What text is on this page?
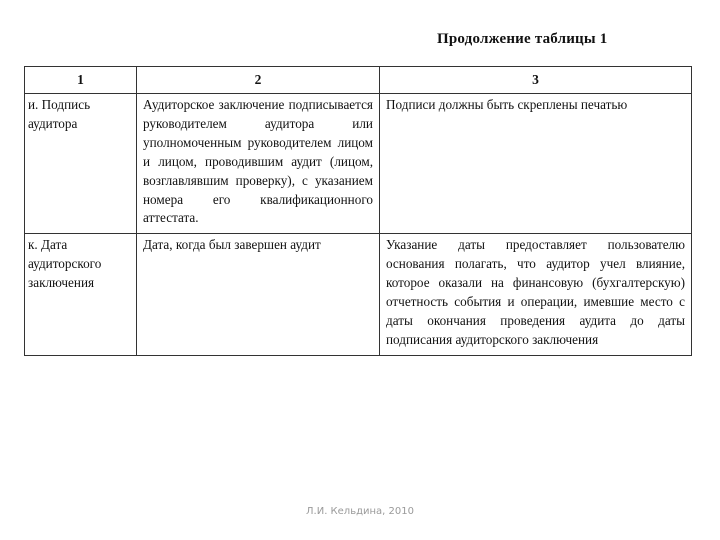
Продолжение таблицы 1
1	2	3

и. Подпись аудитора	Аудиторское заключение подписывается руководителем аудитора или уполномоченным руководителем лицом и лицом, проводившим аудит (лицом, возглавлявшим проверку), с указанием номера его квалификационного аттестата.	Подписи должны быть скреплены печатью

к. Дата аудиторского заключения	Дата, когда был завершен аудит	Указание даты предоставляет пользователю основания полагать, что аудитор учел влияние, которое оказали на финансовую (бухгалтерскую) отчетность события и операции, имевшие место с даты окончания проведения аудита до даты подписания аудиторского заключения
Л.И. Кельдина, 2010
